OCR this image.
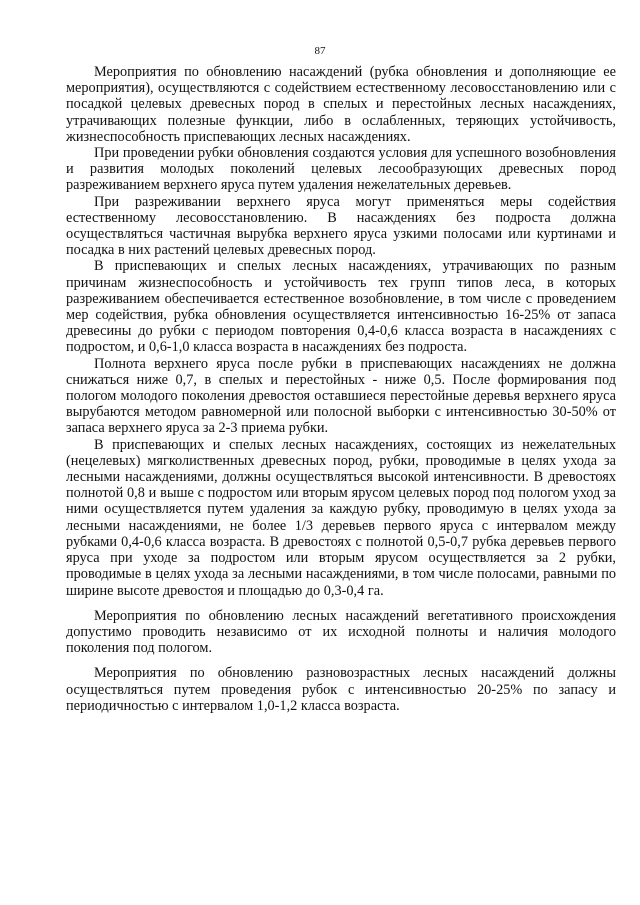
87

Мероприятия по обновлению насаждений (рубка обновления и дополняющие ее мероприятия), осуществляются с содействием естественному лесовосстановлению или с посадкой целевых древесных пород в спелых и перестойных лесных насаждениях, утрачивающих полезные функции, либо в ослабленных, теряющих устойчивость, жизнеспособность приспевающих лесных насаждениях.

При проведении рубки обновления создаются условия для успешного возобновления и развития молодых поколений целевых лесообразующих древесных пород разреживанием верхнего яруса путем удаления нежелательных деревьев.

При разреживании верхнего яруса могут применяться меры содействия естественному лесовосстановлению. В насаждениях без подроста должна осуществляться частичная вырубка верхнего яруса узкими полосами или куртинами и посадка в них растений целевых древесных пород.

В приспевающих и спелых лесных насаждениях, утрачивающих по разным причинам жизнеспособность и устойчивость тех групп типов леса, в которых разреживанием обеспечивается естественное возобновление, в том числе с проведением мер содействия, рубка обновления осуществляется интенсивностью 16-25% от запаса древесины до рубки с периодом повторения 0,4-0,6 класса возраста в насаждениях с подростом, и 0,6-1,0 класса возраста в насаждениях без подроста.

Полнота верхнего яруса после рубки в приспевающих насаждениях не должна снижаться ниже 0,7, в спелых и перестойных - ниже 0,5. После формирования под пологом молодого поколения древостоя оставшиеся перестойные деревья верхнего яруса вырубаются методом равномерной или полосной выборки с интенсивностью 30-50% от запаса верхнего яруса за 2-3 приема рубки.

В приспевающих и спелых лесных насаждениях, состоящих из нежелательных (нецелевых) мягколиственных древесных пород, рубки, проводимые в целях ухода за лесными насаждениями, должны осуществляться высокой интенсивности. В древостоях полнотой 0,8 и выше с подростом или вторым ярусом целевых пород под пологом уход за ними осуществляется путем удаления за каждую рубку, проводимую в целях ухода за лесными насаждениями, не более 1/3 деревьев первого яруса с интервалом между рубками 0,4-0,6 класса возраста. В древостоях с полнотой 0,5-0,7 рубка деревьев первого яруса при уходе за подростом или вторым ярусом осуществляется за 2 рубки, проводимые в целях ухода за лесными насаждениями, в том числе полосами, равными по ширине высоте древостоя и площадью до 0,3-0,4 га.

Мероприятия по обновлению лесных насаждений вегетативного происхождения допустимо проводить независимо от их исходной полноты и наличия молодого поколения под пологом.

Мероприятия по обновлению разновозрастных лесных насаждений должны осуществляться путем проведения рубок с интенсивностью 20-25% по запасу и периодичностью с интервалом 1,0-1,2 класса возраста.
